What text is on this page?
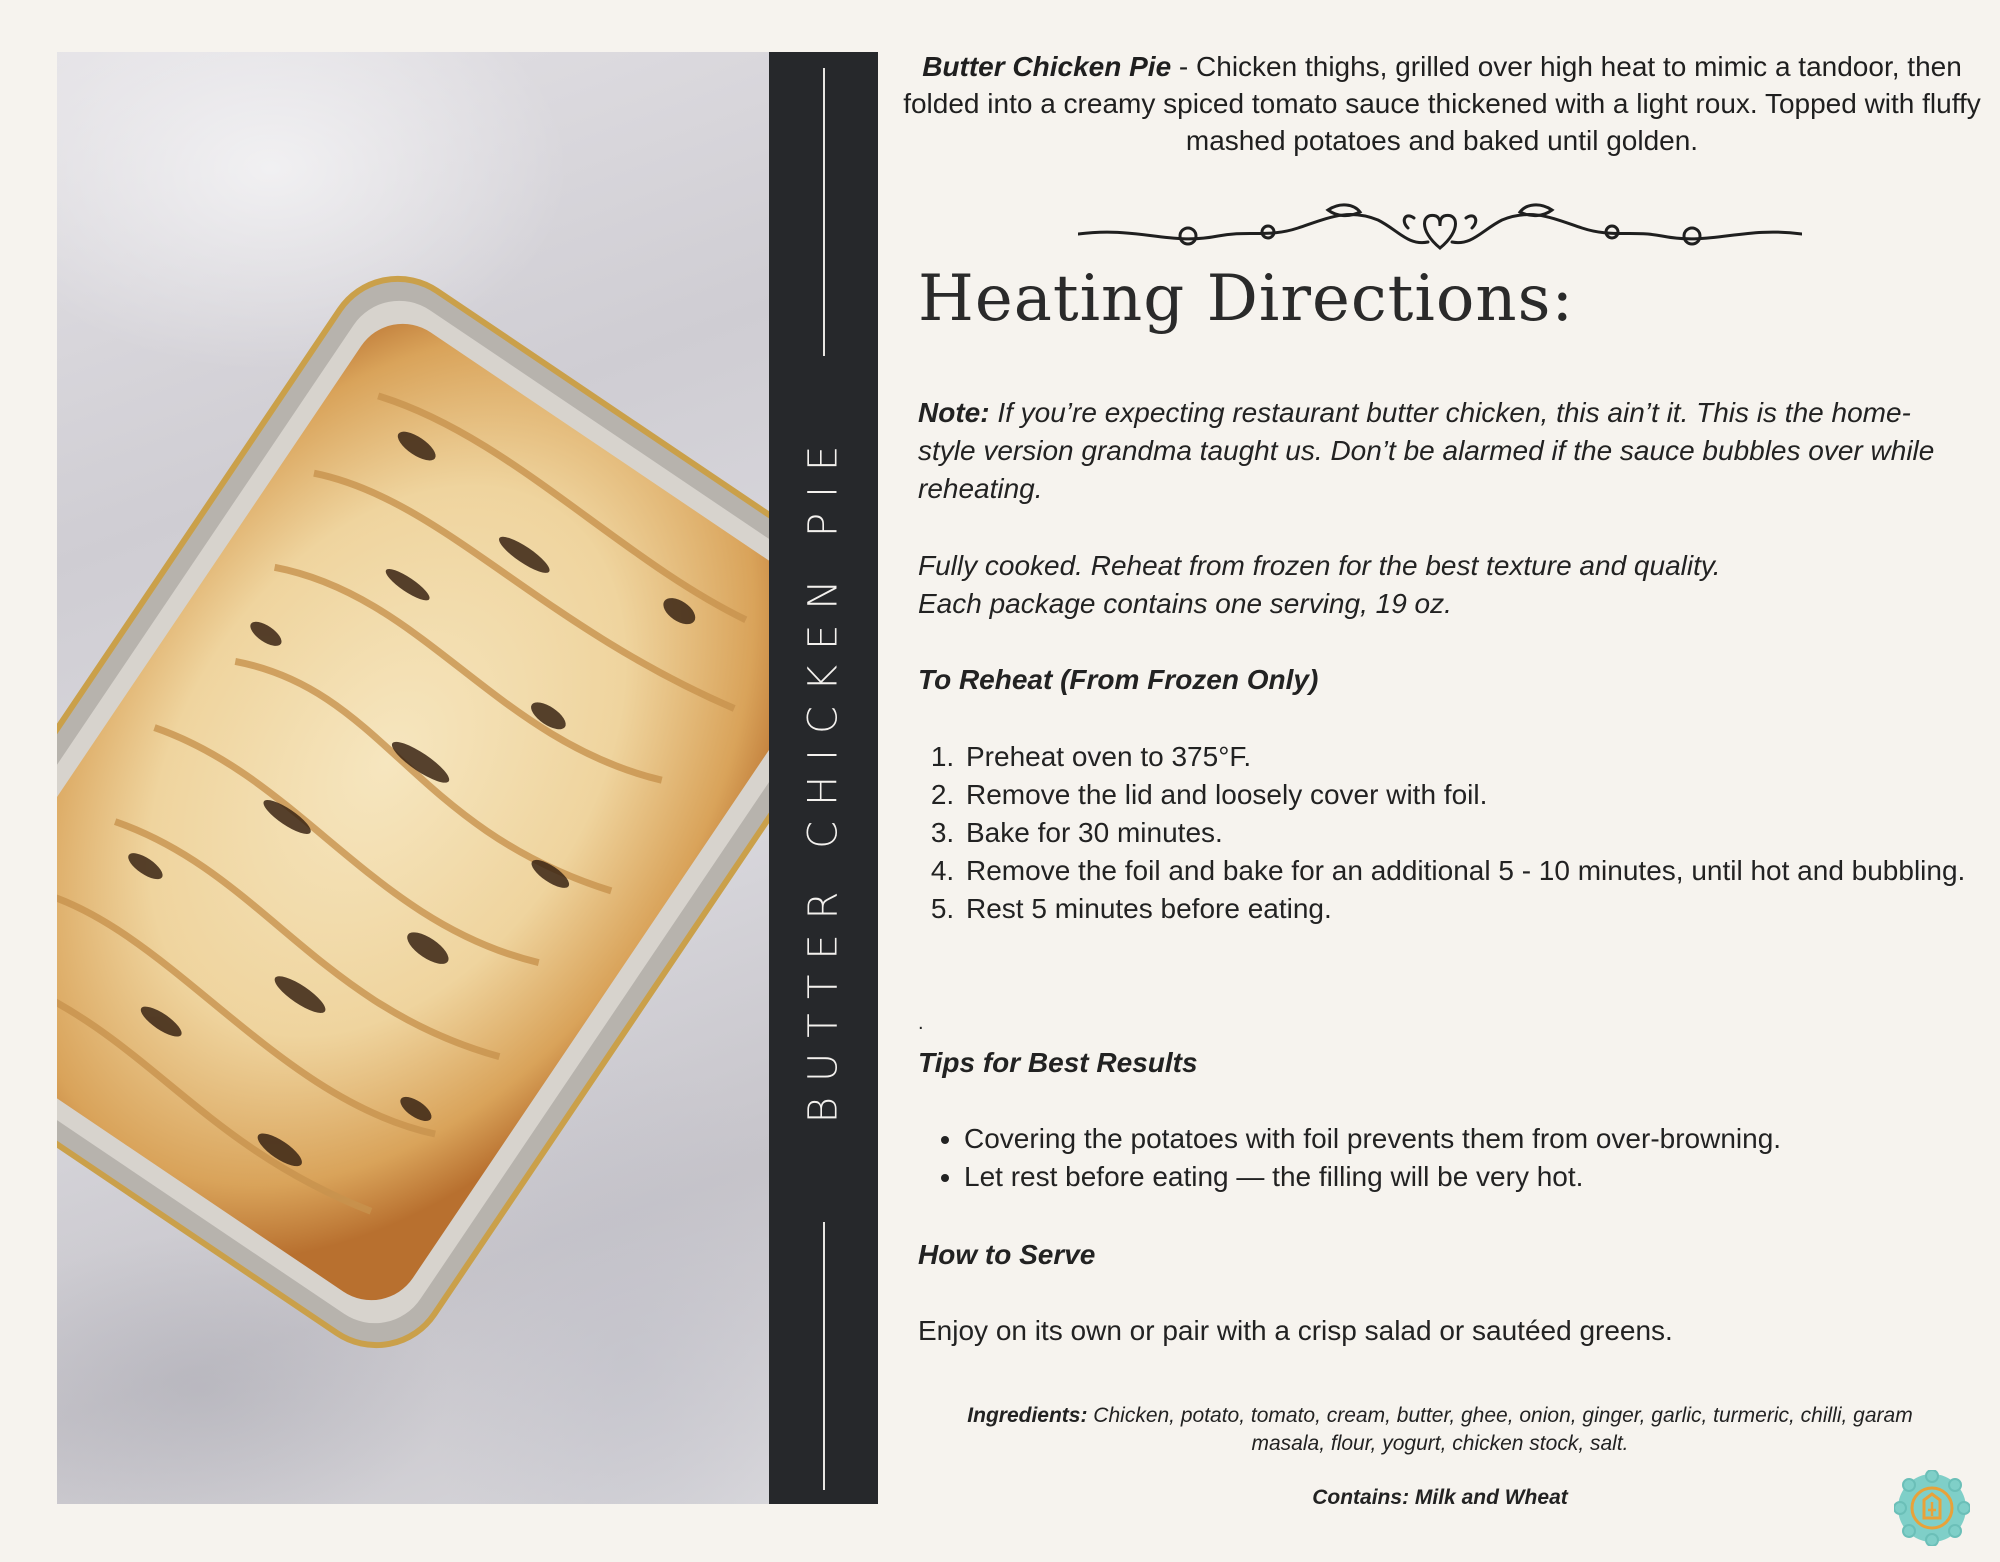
BUTTER CHICKEN PIE
Butter Chicken Pie - Chicken thighs, grilled over high heat to mimic a tandoor, then folded into a creamy spiced tomato sauce thickened with a light roux. Topped with fluffy mashed potatoes and baked until golden.
Heating Directions:
Note: If you’re expecting restaurant butter chicken, this ain’t it. This is the home-style version grandma taught us. Don’t be alarmed if the sauce bubbles over while reheating.
Fully cooked. Reheat from frozen for the best texture and quality.
Each package contains one serving, 19 oz.
To Reheat (From Frozen Only)
1. Preheat oven to 375°F.
2. Remove the lid and loosely cover with foil.
3. Bake for 30 minutes.
4. Remove the foil and bake for an additional 5 - 10 minutes, until hot and bubbling.
5. Rest 5 minutes before eating.
.
Tips for Best Results
• Covering the potatoes with foil prevents them from over-browning.
• Let rest before eating — the filling will be very hot.
How to Serve
Enjoy on its own or pair with a crisp salad or sautéed greens.
Ingredients: Chicken, potato, tomato, cream, butter, ghee, onion, ginger, garlic, turmeric, chilli, garam masala, flour, yogurt, chicken stock, salt.
Contains: Milk and Wheat
